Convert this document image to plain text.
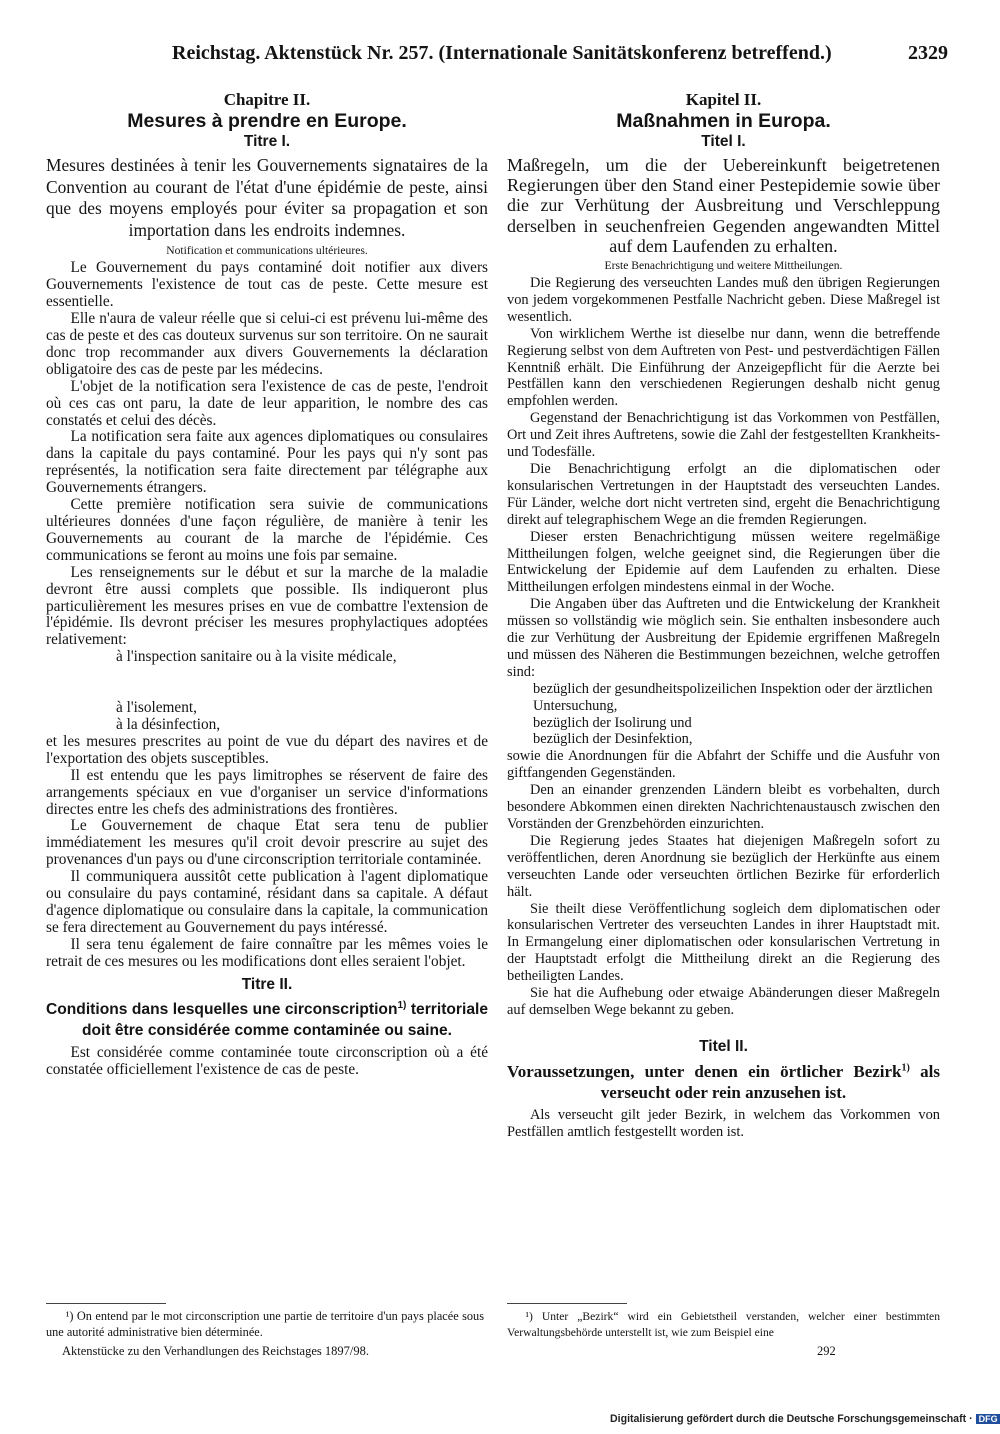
Reichstag. Aktenstück Nr. 257. (Internationale Sanitätskonferenz betreffend.)	2329
Chapitre II.
Mesures à prendre en Europe.
Titre I.
Mesures destinées à tenir les Gouvernements signataires de la Convention au courant de l'état d'une épidémie de peste, ainsi que des moyens employés pour éviter sa propagation et son importation dans les endroits indemnes.
Notification et communications ultérieures.

Le Gouvernement du pays contaminé doit notifier aux divers Gouvernements l'existence de tout cas de peste. Cette mesure est essentielle.

Elle n'aura de valeur réelle que si celui-ci est prévenu lui-même des cas de peste et des cas douteux survenus sur son territoire. On ne saurait donc trop recommander aux divers Gouvernements la déclaration obligatoire des cas de peste par les médecins.

L'objet de la notification sera l'existence de cas de peste, l'endroit où ces cas ont paru, la date de leur apparition, le nombre des cas constatés et celui des décès.

La notification sera faite aux agences diplomatiques ou consulaires dans la capitale du pays contaminé. Pour les pays qui n'y sont pas représentés, la notification sera faite directement par télégraphe aux Gouvernements étrangers.

Cette première notification sera suivie de communications ultérieures données d'une façon régulière, de manière à tenir les Gouvernements au courant de la marche de l'épidémie. Ces communications se feront au moins une fois par semaine.

Les renseignements sur le début et sur la marche de la maladie devront être aussi complets que possible. Ils indiqueront plus particulièrement les mesures prises en vue de combattre l'extension de l'épidémie. Ils devront préciser les mesures prophylactiques adoptées relativement:

à l'inspection sanitaire ou à la visite médicale,
à l'isolement,
à la désinfection,

et les mesures prescrites au point de vue du départ des navires et de l'exportation des objets susceptibles.

Il est entendu que les pays limitrophes se réservent de faire des arrangements spéciaux en vue d'organiser un service d'informations directes entre les chefs des administrations des frontières.

Le Gouvernement de chaque Etat sera tenu de publier immédiatement les mesures qu'il croit devoir prescrire au sujet des provenances d'un pays ou d'une circonscription territoriale contaminée.

Il communiquera aussitôt cette publication à l'agent diplomatique ou consulaire du pays contaminé, résidant dans sa capitale. A défaut d'agence diplomatique ou consulaire dans la capitale, la communication se fera directement au Gouvernement du pays intéressé.

Il sera tenu également de faire connaître par les mêmes voies le retrait de ces mesures ou les modifications dont elles seraient l'objet.

Titre II.
Conditions dans lesquelles une circonscription$^{1)}$ territoriale doit être considérée comme contaminée ou saine.

Est considérée comme contaminée toute circonscription où a été constatée officiellement l'existence de cas de peste.

Kapitel II.
Maßnahmen in Europa.
Titel I.
Maßregeln, um die der Uebereinkunft beigetretenen Regierungen über den Stand einer Pestepidemie sowie über die zur Verhütung der Ausbreitung und Verschleppung derselben in seuchenfreien Gegenden angewandten Mittel auf dem Laufenden zu erhalten.
Erste Benachrichtigung und weitere Mittheilungen.

Die Regierung des verseuchten Landes muß den übrigen Regierungen von jedem vorgekommenen Pestfalle Nachricht geben. Diese Maßregel ist wesentlich.

Von wirklichem Werthe ist dieselbe nur dann, wenn die betreffende Regierung selbst von dem Auftreten von Pest- und pestverdächtigen Fällen Kenntniß erhält. Die Einführung der Anzeigepflicht für die Aerzte bei Pestfällen kann den verschiedenen Regierungen deshalb nicht genug empfohlen werden.

Gegenstand der Benachrichtigung ist das Vorkommen von Pestfällen, Ort und Zeit ihres Auftretens, sowie die Zahl der festgestellten Krankheits- und Todesfälle.

Die Benachrichtigung erfolgt an die diplomatischen oder konsularischen Vertretungen in der Hauptstadt des verseuchten Landes. Für Länder, welche dort nicht vertreten sind, ergeht die Benachrichtigung direkt auf telegraphischem Wege an die fremden Regierungen.

Dieser ersten Benachrichtigung müssen weitere regelmäßige Mittheilungen folgen, welche geeignet sind, die Regierungen über die Entwickelung der Epidemie auf dem Laufenden zu erhalten. Diese Mittheilungen erfolgen mindestens einmal in der Woche.

Die Angaben über das Auftreten und die Entwickelung der Krankheit müssen so vollständig wie möglich sein. Sie enthalten insbesondere auch die zur Verhütung der Ausbreitung der Epidemie ergriffenen Maßregeln und müssen des Näheren die Bestimmungen bezeichnen, welche getroffen sind:

bezüglich der gesundheitspolizeilichen Inspektion oder der ärztlichen Untersuchung,
bezüglich der Isolirung und
bezüglich der Desinfektion,

sowie die Anordnungen für die Abfahrt der Schiffe und die Ausfuhr von giftfangenden Gegenständen.

Den an einander grenzenden Ländern bleibt es vorbehalten, durch besondere Abkommen einen direkten Nachrichtenaustausch zwischen den Vorständen der Grenzbehörden einzurichten.

Die Regierung jedes Staates hat diejenigen Maßregeln sofort zu veröffentlichen, deren Anordnung sie bezüglich der Herkünfte aus einem verseuchten Lande oder verseuchten örtlichen Bezirke für erforderlich hält.

Sie theilt diese Veröffentlichung sogleich dem diplomatischen oder konsularischen Vertreter des verseuchten Landes in ihrer Hauptstadt mit. In Ermangelung einer diplomatischen oder konsularischen Vertretung in der Hauptstadt erfolgt die Mittheilung direkt an die Regierung des betheiligten Landes.

Sie hat die Aufhebung oder etwaige Abänderungen dieser Maßregeln auf demselben Wege bekannt zu geben.

Titel II.
Voraussetzungen, unter denen ein örtlicher Bezirk$^{1)}$ als verseucht oder rein anzusehen ist.

Als verseucht gilt jeder Bezirk, in welchem das Vorkommen von Pestfällen amtlich festgestellt worden ist.

¹) On entend par le mot circonscription une partie de territoire d'un pays placée sous une autorité administrative bien déterminée.
¹) Unter „Bezirk“ wird ein Gebietstheil verstanden, welcher einer bestimmten Verwaltungsbehörde unterstellt ist, wie zum Beispiel eine
Aktenstücke zu den Verhandlungen des Reichstages 1897/98.	292
Digitalisierung gefördert durch die Deutsche Forschungsgemeinschaft · DFG
